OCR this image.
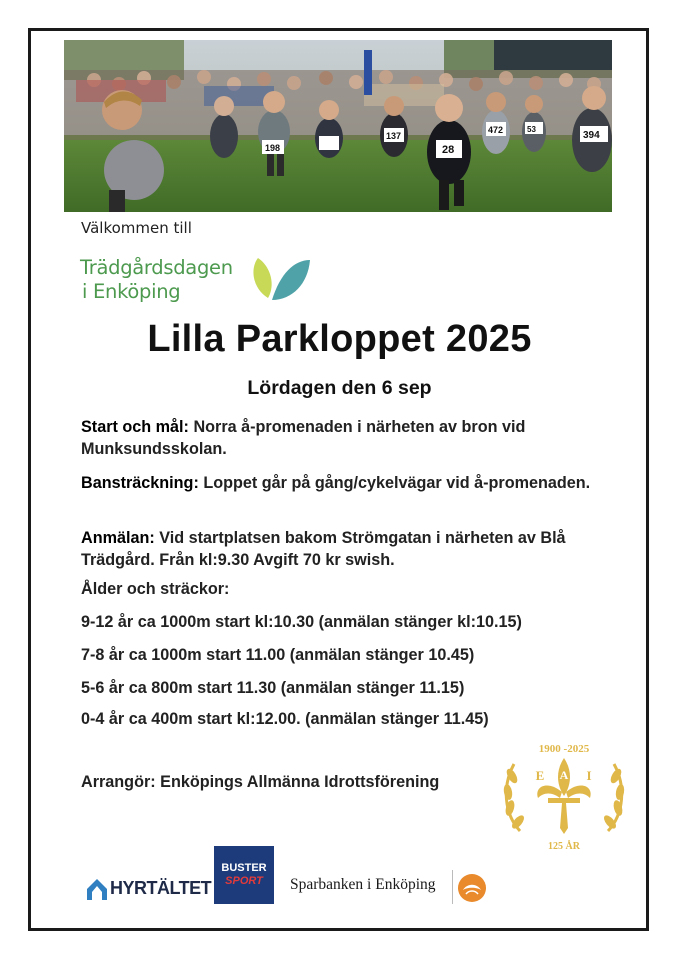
198	28
394
472	53
137
Välkommen till
Trädgårdsdagen
i Enköping
Lilla Parkloppet 2025
Lördagen den 6 sep
Start och mål: Norra å-promenaden i närheten av bron vid Munksundsskolan.
Bansträckning: Loppet går på gång/cykelvägar vid å-promenaden.
Anmälan: Vid startplatsen bakom Strömgatan i närheten av Blå Trädgård. Från kl:9.30 Avgift 70 kr swish.
Ålder och sträckor:
9-12 år ca 1000m start kl:10.30 (anmälan stänger kl:10.15)
7-8 år ca 1000m start 11.00 (anmälan stänger 10.45)
5-6 år ca 800m start 11.30 (anmälan stänger 11.15)
0-4 år ca 400m start kl:12.00. (anmälan stänger 11.45)
Arrangör: Enköpings Allmänna Idrottsförening
1900 -2025
125 ÅR
E	I
A
HYRTÄLTET
BUSTER
SPORT	Sparbanken i Enköping
